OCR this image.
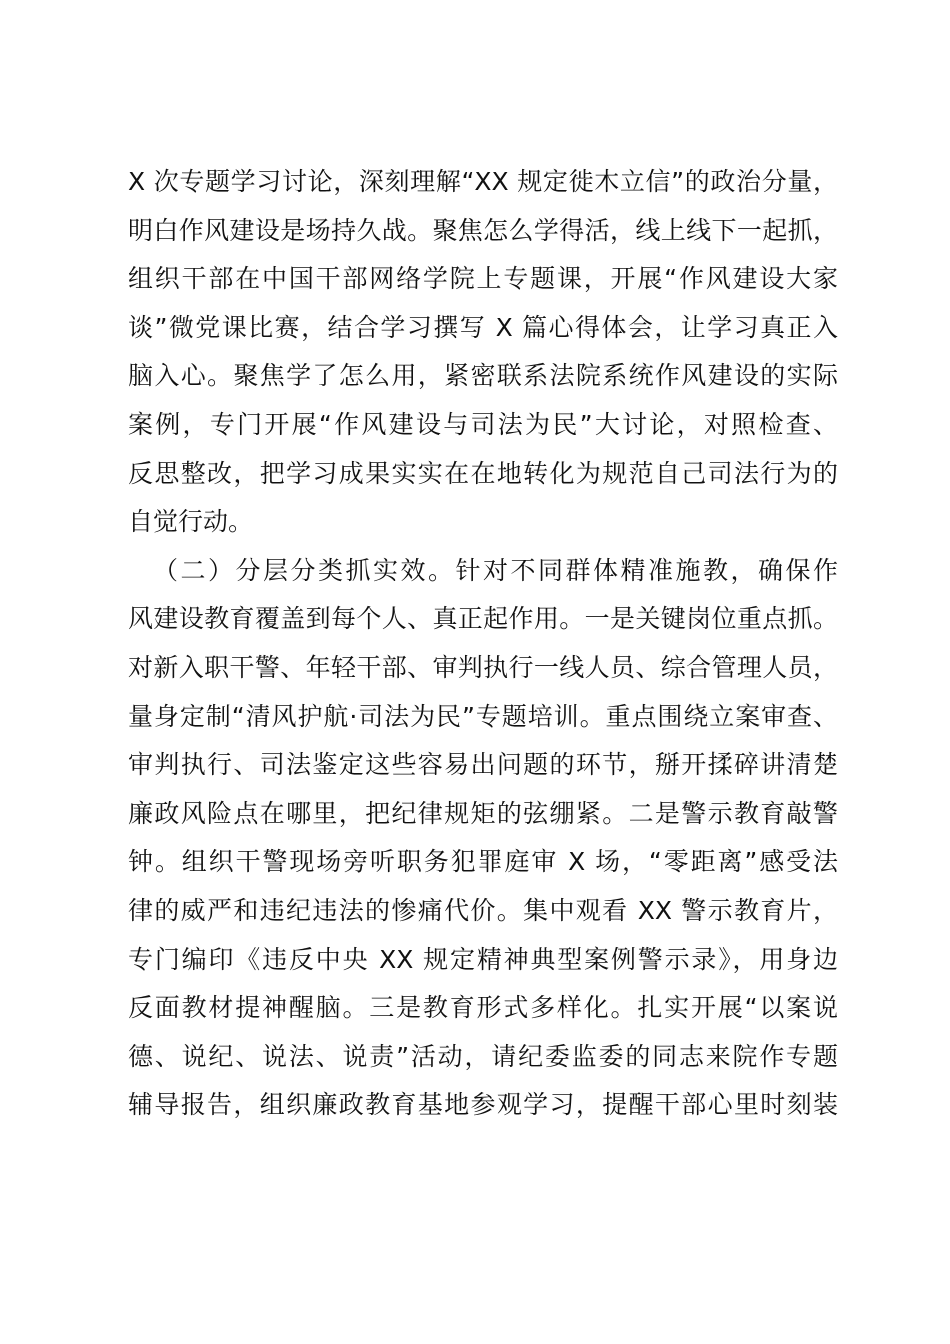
X 次专题学习讨论，深刻理解“XX 规定徙木立信”的政治分量，
明白作风建设是场持久战。聚焦怎么学得活，线上线下一起抓，
组织干部在中国干部网络学院上专题课，开展“作风建设大家
谈”微党课比赛，结合学习撰写 X 篇心得体会，让学习真正入
脑入心。聚焦学了怎么用，紧密联系法院系统作风建设的实际
案例，专门开展“作风建设与司法为民”大讨论，对照检查、
反思整改，把学习成果实实在在地转化为规范自己司法行为的
自觉行动。
（二）分层分类抓实效。针对不同群体精准施教，确保作
风建设教育覆盖到每个人、真正起作用。一是关键岗位重点抓。
对新入职干警、年轻干部、审判执行一线人员、综合管理人员，
量身定制“清风护航·司法为民”专题培训。重点围绕立案审查、
审判执行、司法鉴定这些容易出问题的环节，掰开揉碎讲清楚
廉政风险点在哪里，把纪律规矩的弦绷紧。二是警示教育敲警
钟。组织干警现场旁听职务犯罪庭审 X 场，“零距离”感受法
律的威严和违纪违法的惨痛代价。集中观看 XX 警示教育片，
专门编印《违反中央 XX 规定精神典型案例警示录》，用身边
反面教材提神醒脑。三是教育形式多样化。扎实开展“以案说
德、说纪、说法、说责”活动，请纪委监委的同志来院作专题
辅导报告，组织廉政教育基地参观学习，提醒干部心里时刻装
